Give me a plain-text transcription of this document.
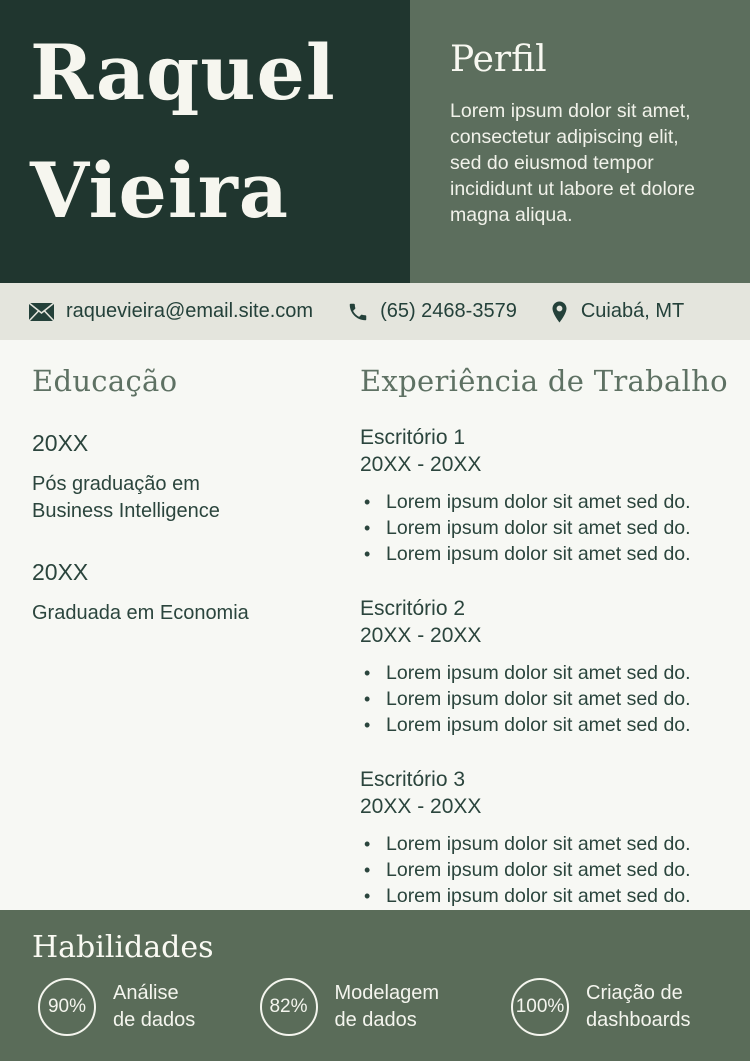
Raquel
Vieira
Perfil

Lorem ipsum dolor sit amet, consectetur adipiscing elit, sed do eiusmod tempor incididunt ut labore et dolore magna aliqua.

raquevieira@email.site.com	(65) 2468-3579	Cuiabá, MT
Educação
20XX
Pós graduação em Business Intelligence
20XX
Graduada em Economia
Experiência de Trabalho
Escritório 1
20XX - 20XX
• Lorem ipsum dolor sit amet sed do.
• Lorem ipsum dolor sit amet sed do.
• Lorem ipsum dolor sit amet sed do.
Escritório 2
20XX - 20XX
• Lorem ipsum dolor sit amet sed do.
• Lorem ipsum dolor sit amet sed do.
• Lorem ipsum dolor sit amet sed do.
Escritório 3
20XX - 20XX
• Lorem ipsum dolor sit amet sed do.
• Lorem ipsum dolor sit amet sed do.
• Lorem ipsum dolor sit amet sed do.
Habilidades
90%
Análise de dados
82%
Modelagem de dados
100%
Criação de dashboards
